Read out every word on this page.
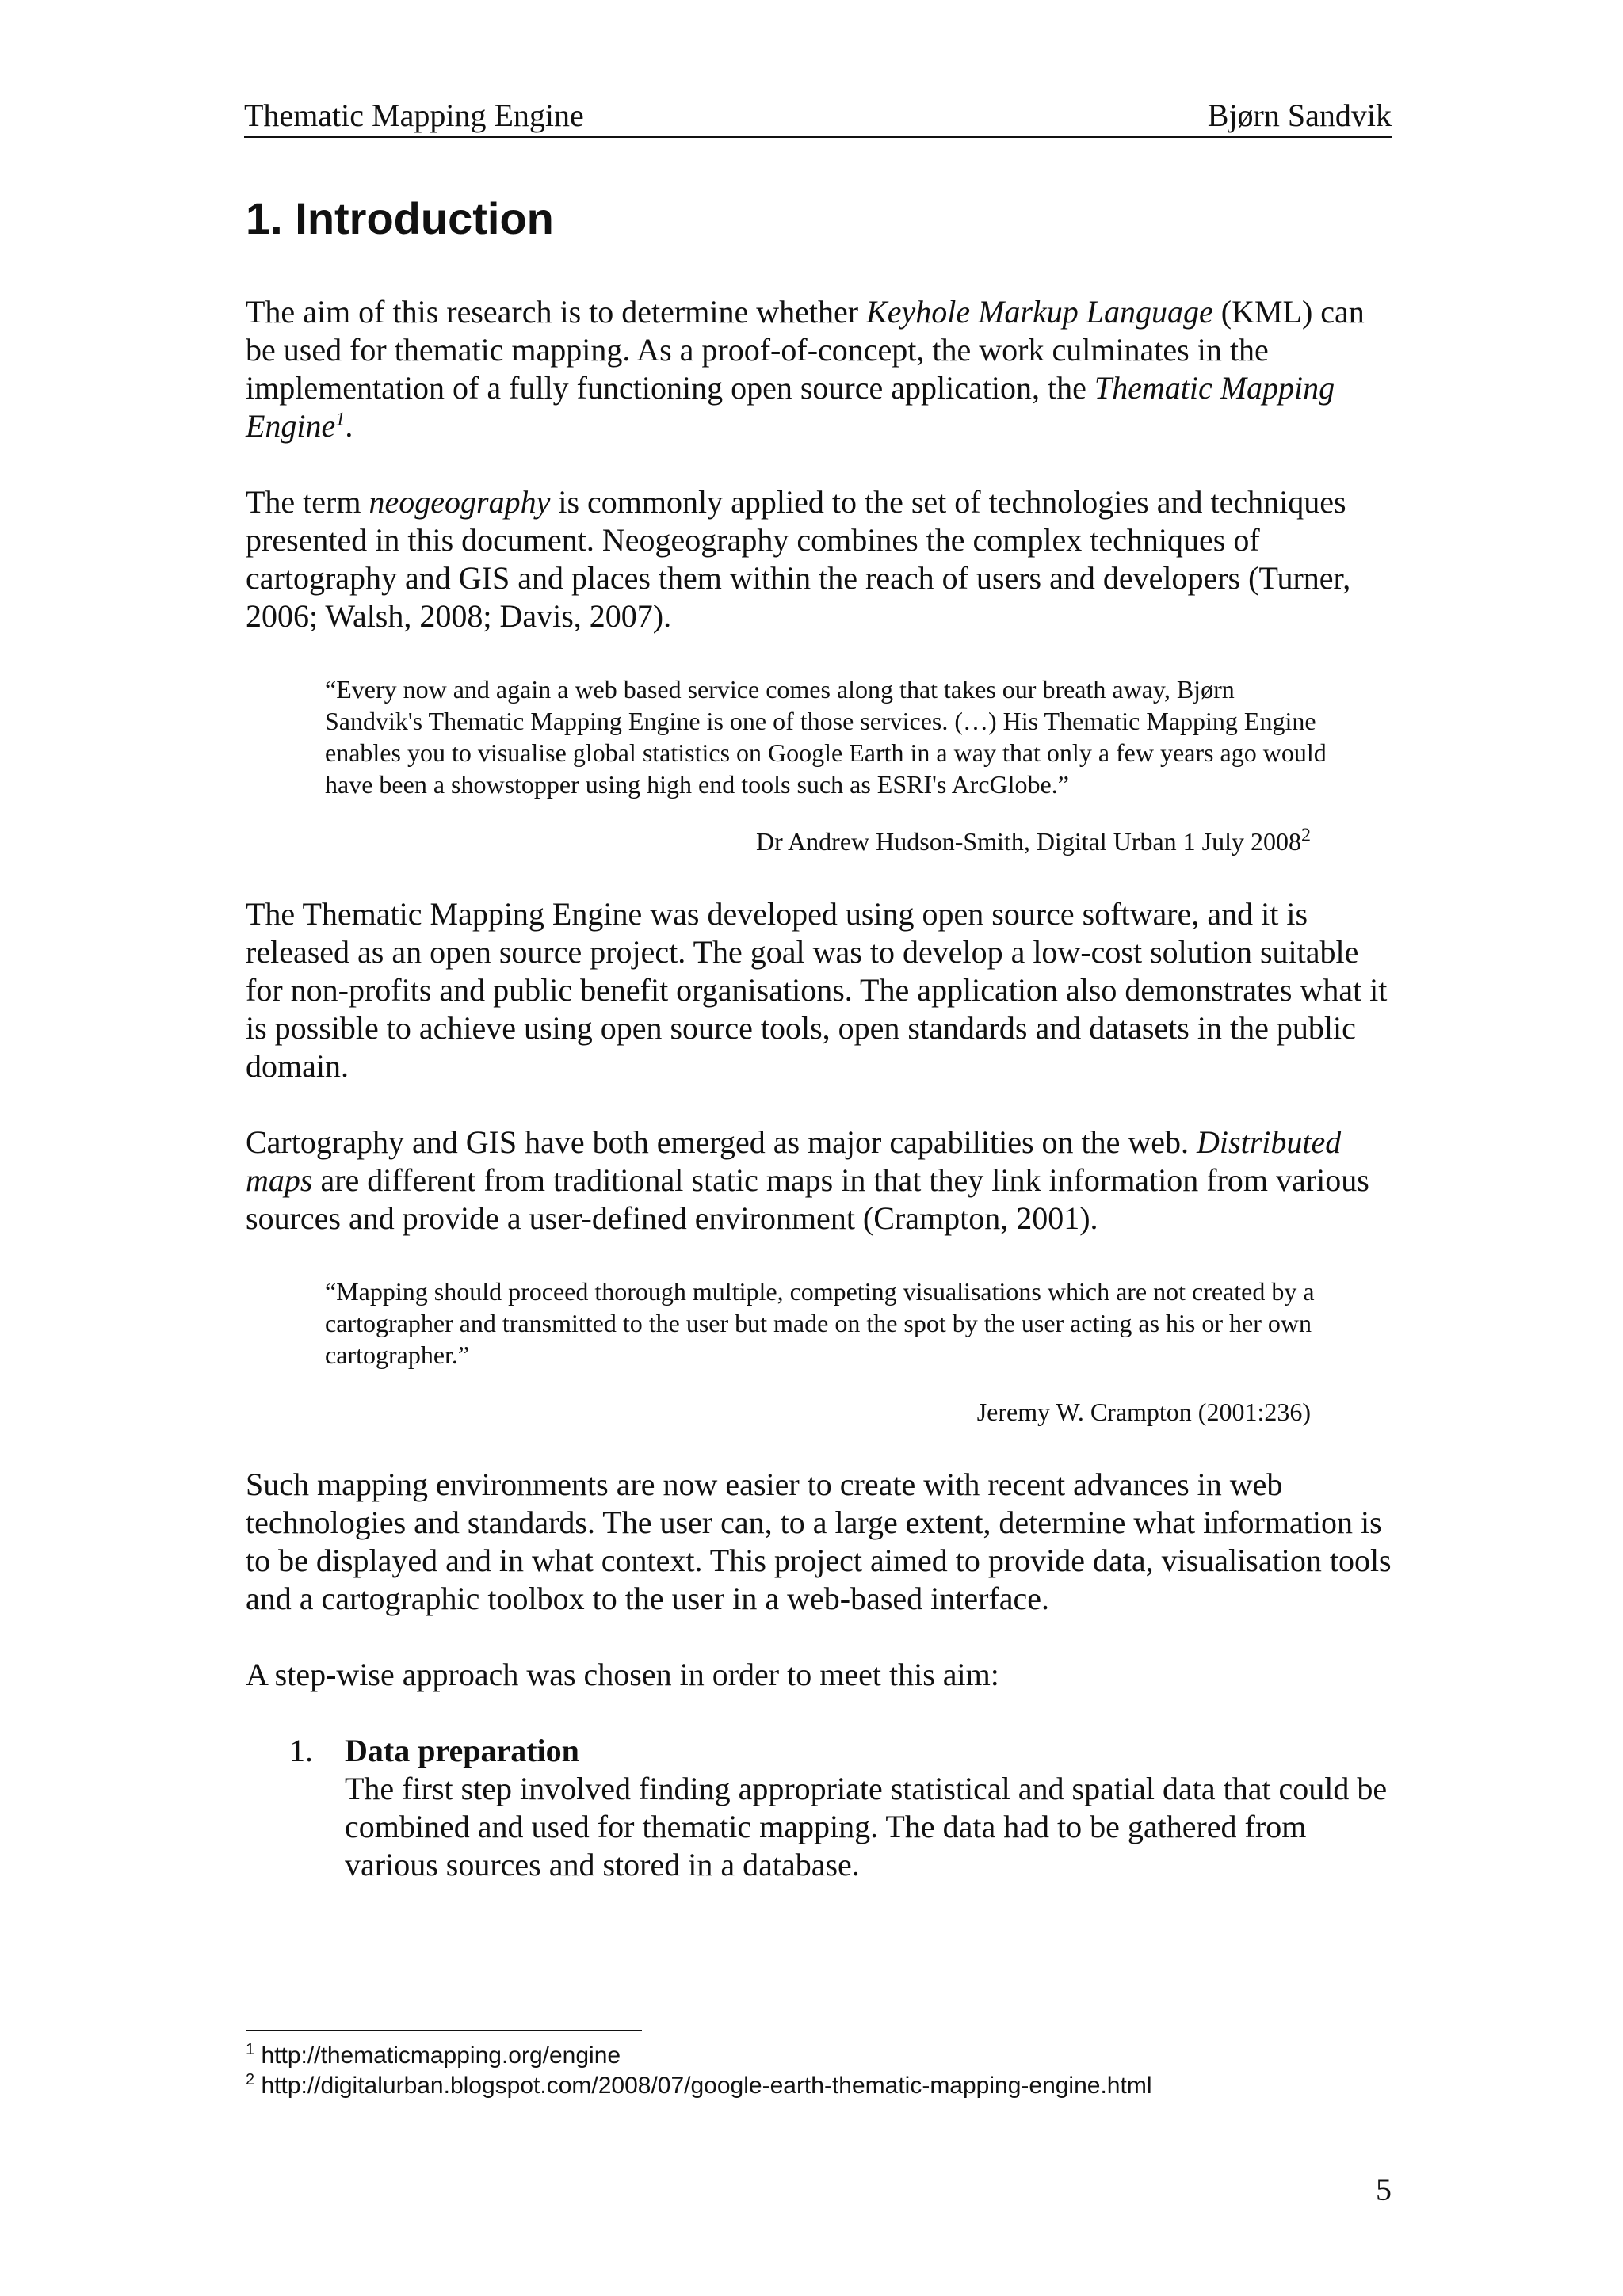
Thematic Mapping Engine	Bjørn Sandvik
1. Introduction

The aim of this research is to determine whether Keyhole Markup Language (KML) can be used for thematic mapping. As a proof-of-concept, the work culminates in the implementation of a fully functioning open source application, the Thematic Mapping Engine$^1$.

The term neogeography is commonly applied to the set of technologies and techniques presented in this document. Neogeography combines the complex techniques of cartography and GIS and places them within the reach of users and developers (Turner, 2006; Walsh, 2008; Davis, 2007).

“Every now and again a web based service comes along that takes our breath away, Bjørn Sandvik's Thematic Mapping Engine is one of those services. (…) His Thematic Mapping Engine enables you to visualise global statistics on Google Earth in a way that only a few years ago would have been a showstopper using high end tools such as ESRI's ArcGlobe.”

Dr Andrew Hudson-Smith, Digital Urban 1 July 2008$^2$

The Thematic Mapping Engine was developed using open source software, and it is released as an open source project. The goal was to develop a low-cost solution suitable for non-profits and public benefit organisations. The application also demonstrates what it is possible to achieve using open source tools, open standards and datasets in the public domain.

Cartography and GIS have both emerged as major capabilities on the web. Distributed maps are different from traditional static maps in that they link information from various sources and provide a user-defined environment (Crampton, 2001).

“Mapping should proceed thorough multiple, competing visualisations which are not created by a cartographer and transmitted to the user but made on the spot by the user acting as his or her own cartographer.”

Jeremy W. Crampton (2001:236)

Such mapping environments are now easier to create with recent advances in web technologies and standards. The user can, to a large extent, determine what information is to be displayed and in what context. This project aimed to provide data, visualisation tools and a cartographic toolbox to the user in a web-based interface.

A step-wise approach was chosen in order to meet this aim:

1. Data preparation
The first step involved finding appropriate statistical and spatial data that could be combined and used for thematic mapping. The data had to be gathered from various sources and stored in a database.

$^1$ http://thematicmapping.org/engine

$^2$ http://digitalurban.blogspot.com/2008/07/google-earth-thematic-mapping-engine.html

5
